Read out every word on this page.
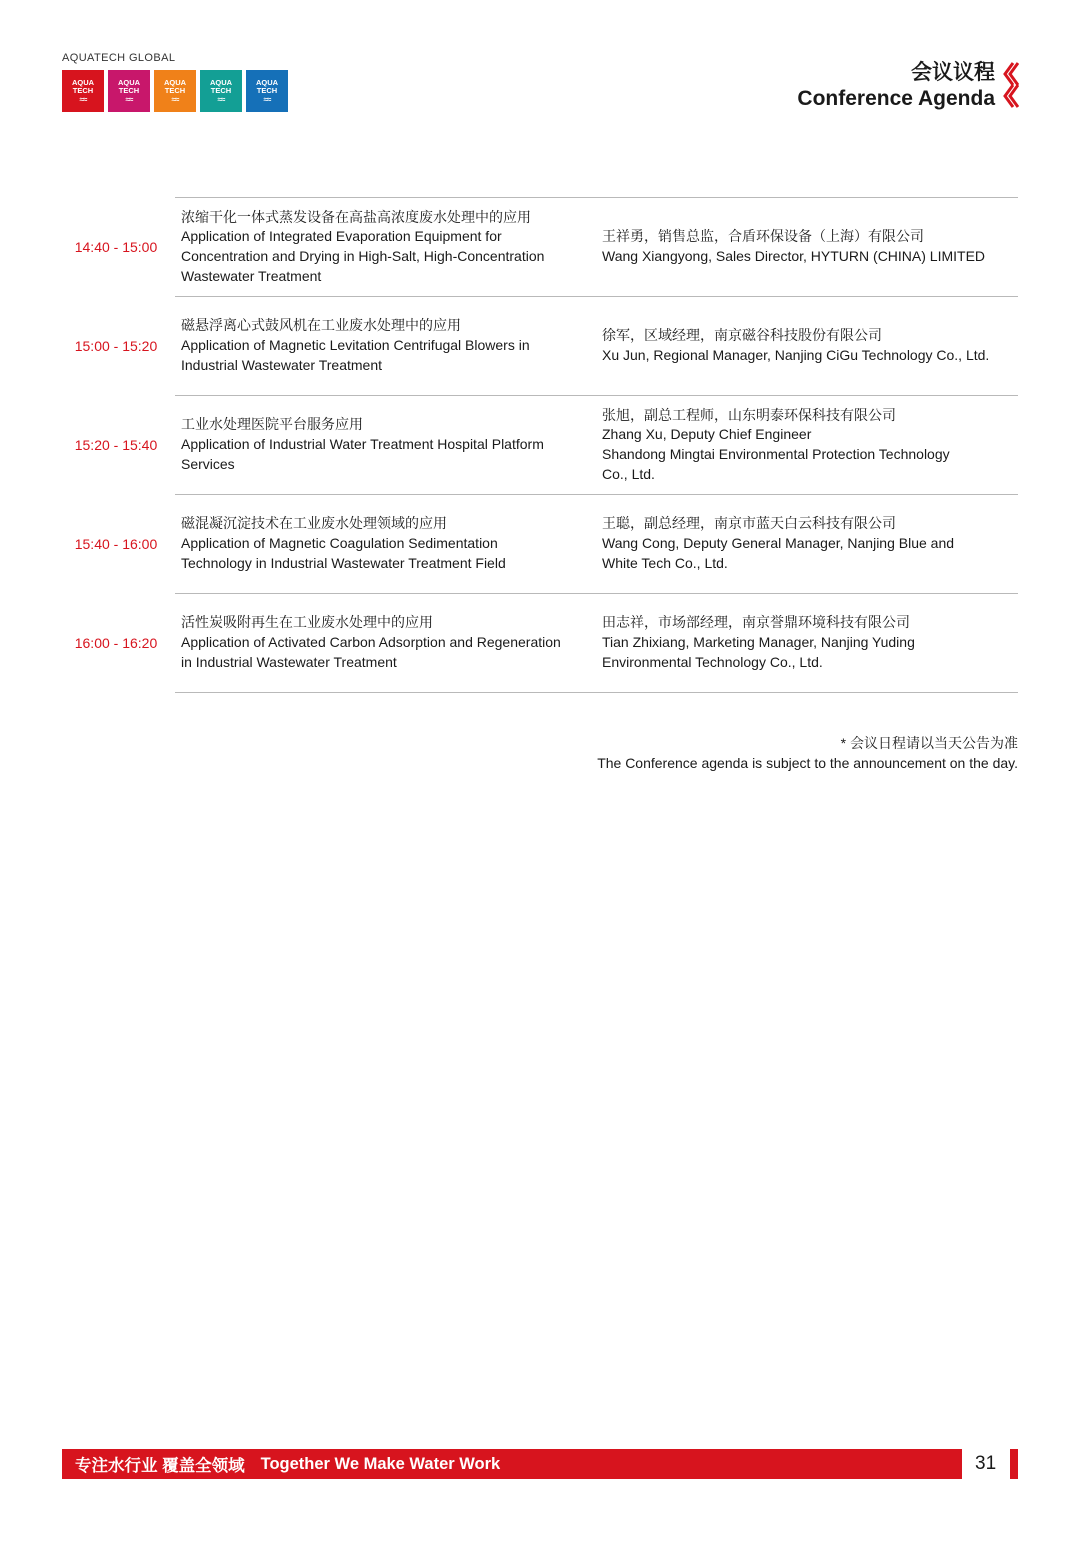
AQUATECH GLOBAL
AQUA
TECH
≈≈
AQUA
TECH
≈≈
AQUA
TECH
≈≈
AQUA
TECH
≈≈
AQUA
TECH
≈≈
会议议程
Conference Agenda
14:40 - 15:00
浓缩干化一体式蒸发设备在高盐高浓度废水处理中的应用
Application of Integrated Evaporation Equipment for
Concentration and Drying in High-Salt, High-Concentration
Wastewater Treatment
王祥勇，销售总监，合盾环保设备（上海）有限公司
Wang Xiangyong, Sales Director, HYTURN (CHINA) LIMITED
15:00 - 15:20
磁悬浮离心式鼓风机在工业废水处理中的应用
Application of Magnetic Levitation Centrifugal Blowers in
Industrial Wastewater Treatment
徐军，区域经理，南京磁谷科技股份有限公司
Xu Jun, Regional Manager, Nanjing CiGu Technology Co., Ltd.
15:20 - 15:40
工业水处理医院平台服务应用
Application of Industrial Water Treatment Hospital Platform
Services
张旭，副总工程师，山东明泰环保科技有限公司
Zhang Xu, Deputy Chief Engineer
Shandong Mingtai Environmental Protection Technology
Co., Ltd.
15:40 - 16:00
磁混凝沉淀技术在工业废水处理领域的应用
Application of Magnetic Coagulation Sedimentation
Technology in Industrial Wastewater Treatment Field
王聪，副总经理，南京市蓝天白云科技有限公司
Wang Cong, Deputy General Manager, Nanjing Blue and
White Tech Co., Ltd.
16:00 - 16:20
活性炭吸附再生在工业废水处理中的应用
Application of Activated Carbon Adsorption and Regeneration
in Industrial Wastewater Treatment
田志祥，市场部经理，南京誉鼎环境科技有限公司
Tian Zhixiang, Marketing Manager, Nanjing Yuding
Environmental Technology Co., Ltd.
* 会议日程请以当天公告为准
The Conference agenda is subject to the announcement on the day.
专注水行业 覆盖全领域 Together We Make Water Work	31
